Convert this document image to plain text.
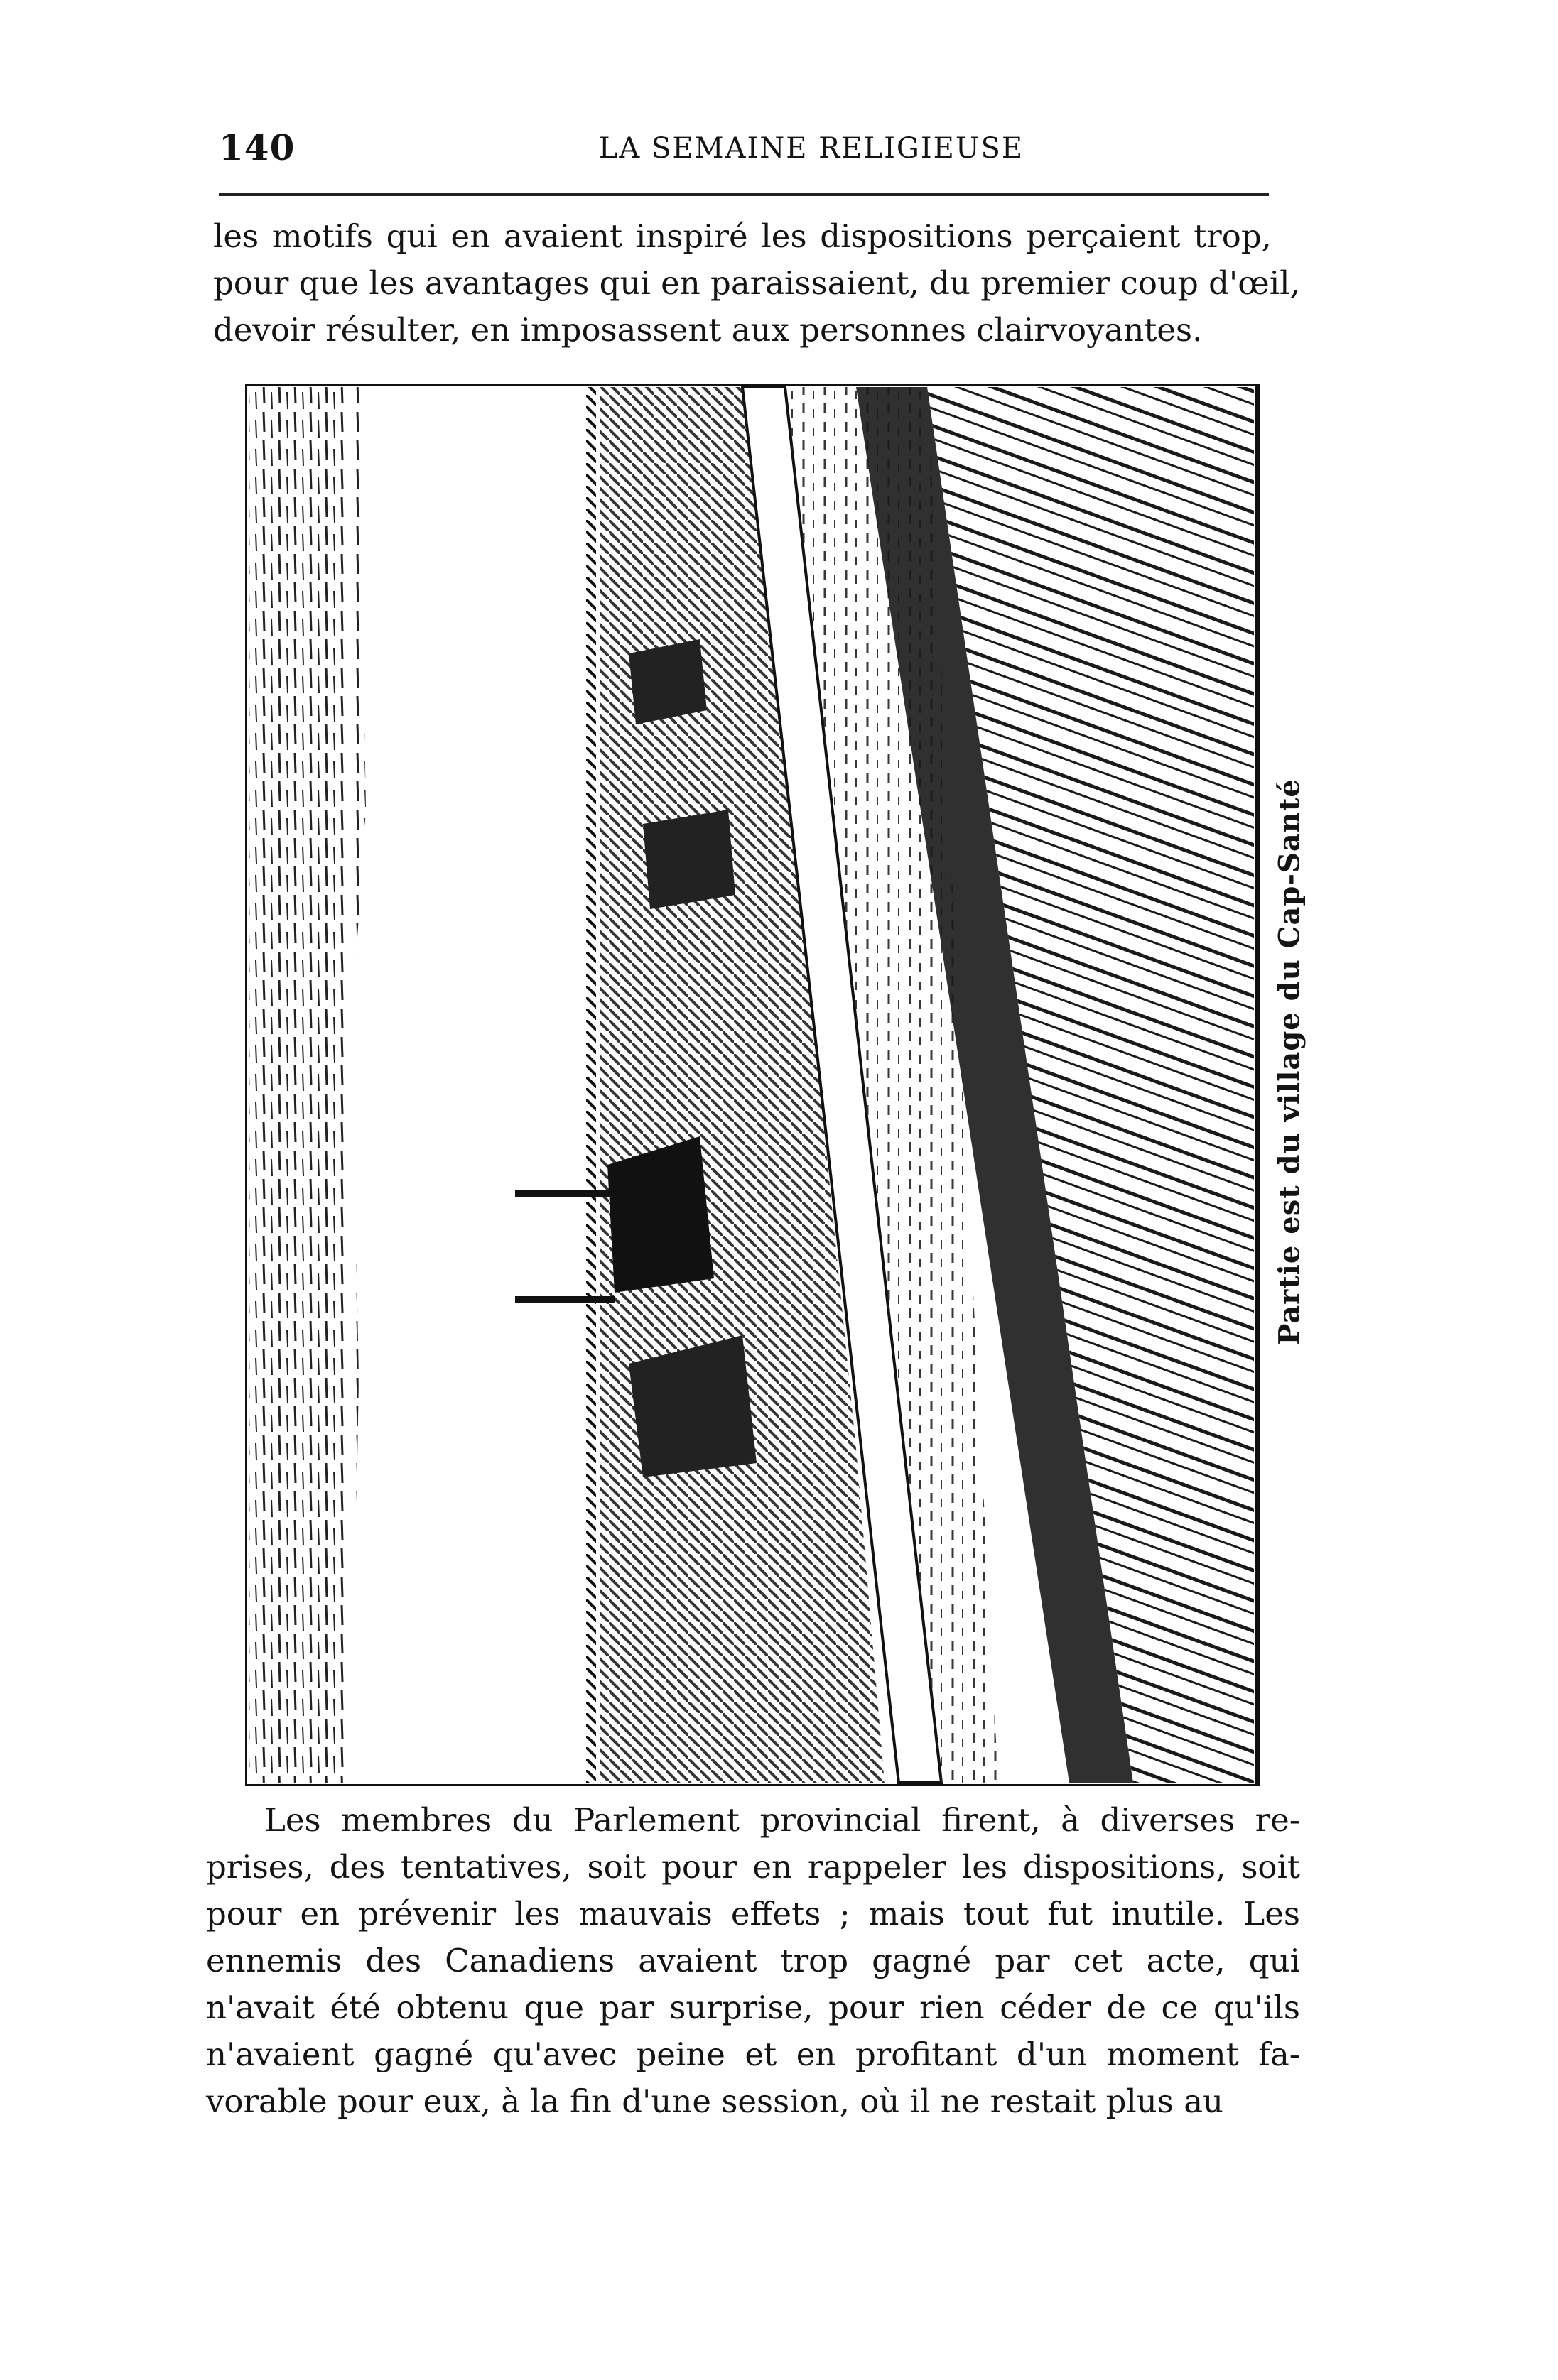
140	LA SEMAINE RELIGIEUSE
les motifs qui en avaient inspiré les dispositions perçaient trop,
pour que les avantages qui en paraissaient, du premier coup d'œil,
devoir résulter, en imposassent aux personnes clairvoyantes.
Partie est du village du Cap-Santé
Les membres du Parlement provincial firent, à diverses re-
prises, des tentatives, soit pour en rappeler les dispositions, soit
pour en prévenir les mauvais effets ; mais tout fut inutile. Les
ennemis des Canadiens avaient trop gagné par cet acte, qui
n'avait été obtenu que par surprise, pour rien céder de ce qu'ils
n'avaient gagné qu'avec peine et en profitant d'un moment fa-
vorable pour eux, à la fin d'une session, où il ne restait plus au
